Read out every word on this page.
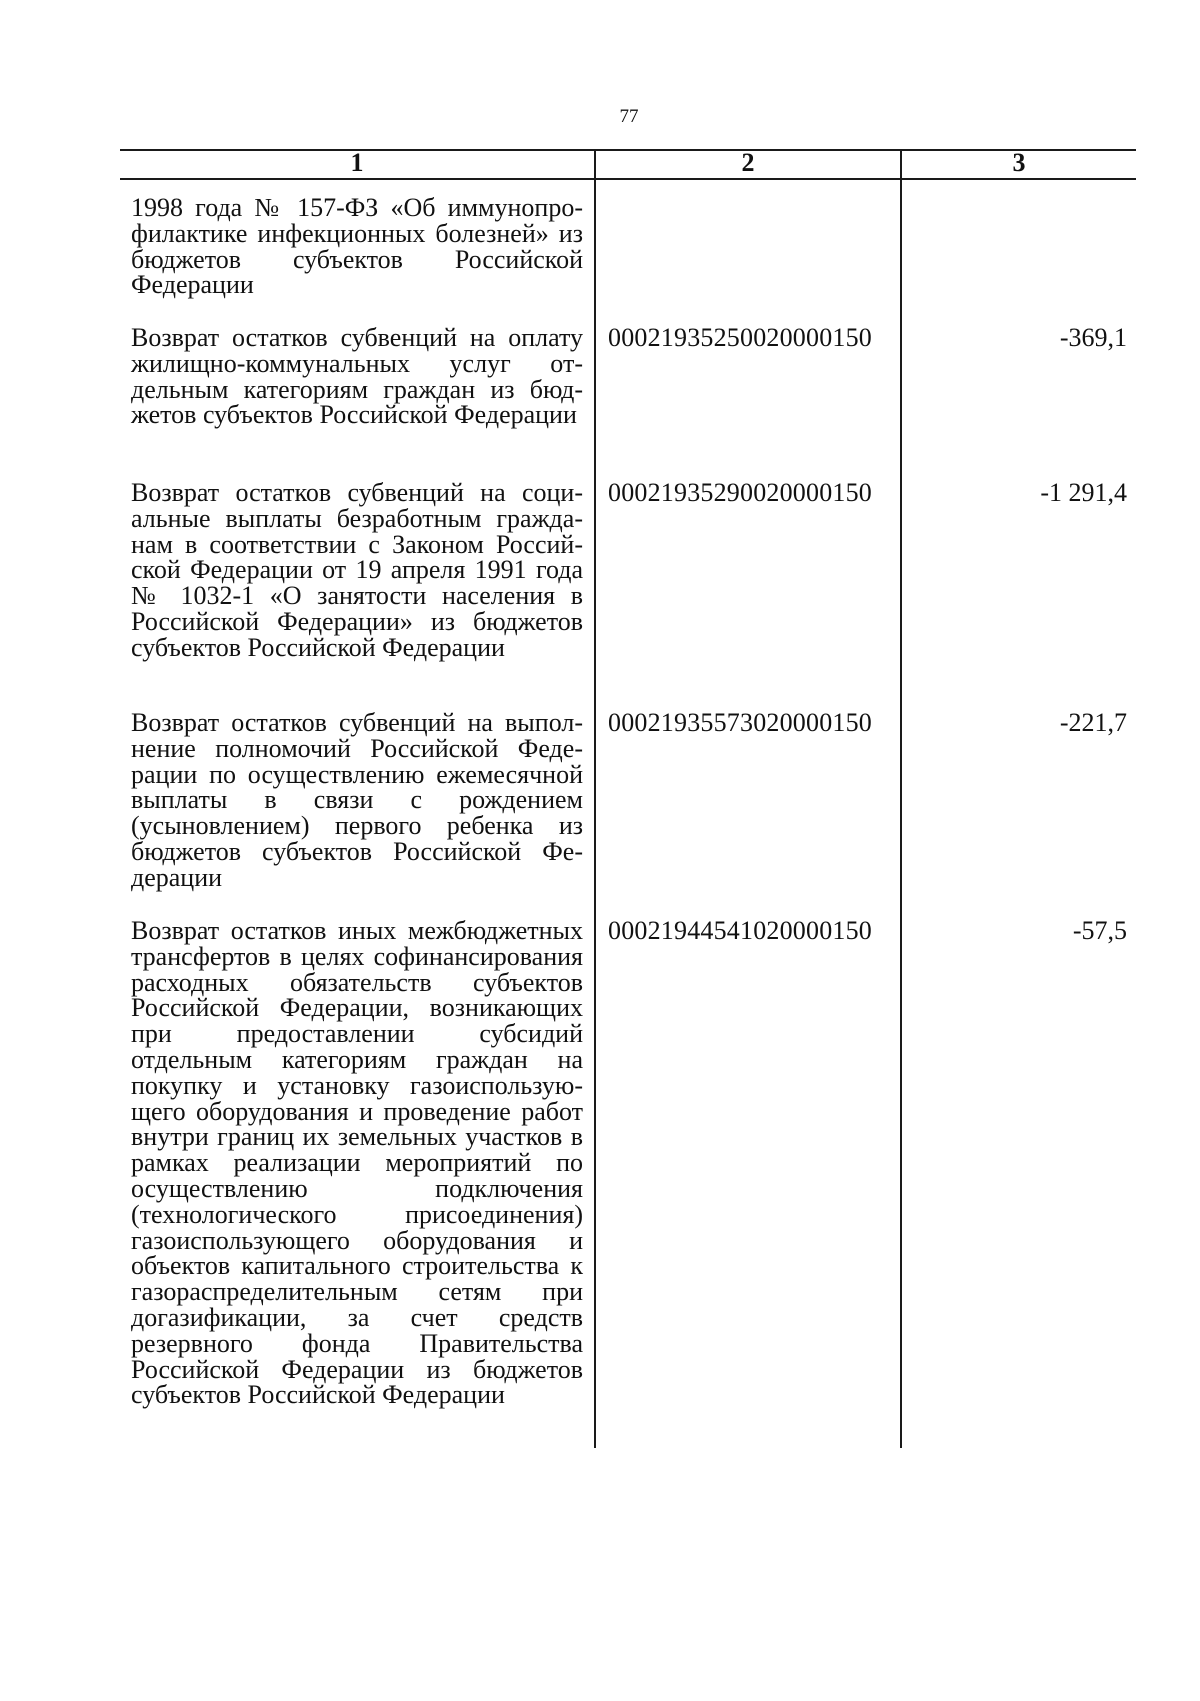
77
1	2	3
1998 года № 157-ФЗ «Об иммунопрофилактике инфекционных болезней» из бюджетов субъектов Российской Федерации
Возврат остатков субвенций на оплату жилищно-коммунальных услуг отдельным категориям граждан из бюджетов субъектов Российской Федерации
00021935250020000150	-369,1
Возврат остатков субвенций на социальные выплаты безработным гражданам в соответствии с Законом Российской Федерации от 19 апреля 1991 года № 1032-1 «О занятости населения в Российской Федерации» из бюджетов субъектов Российской Федерации
00021935290020000150	-1 291,4
Возврат остатков субвенций на выполнение полномочий Российской Федерации по осуществлению ежемесячной выплаты в связи с рождением (усыновлением) первого ребенка из бюджетов субъектов Российской Федерации
00021935573020000150	-221,7
Возврат остатков иных межбюджетных трансфертов в целях софинансирования расходных обязательств субъектов Российской Федерации, возникающих при предоставлении субсидий отдельным категориям граждан на покупку и установку газоиспользующего оборудования и проведение работ внутри границ их земельных участков в рамках реализации мероприятий по осуществлению подключения (технологического присоединения) газоиспользующего оборудования и объектов капитального строительства к газораспределительным сетям при догазификации, за счет средств резервного фонда Правительства Российской Федерации из бюджетов субъектов Российской Федерации
00021944541020000150	-57,5
